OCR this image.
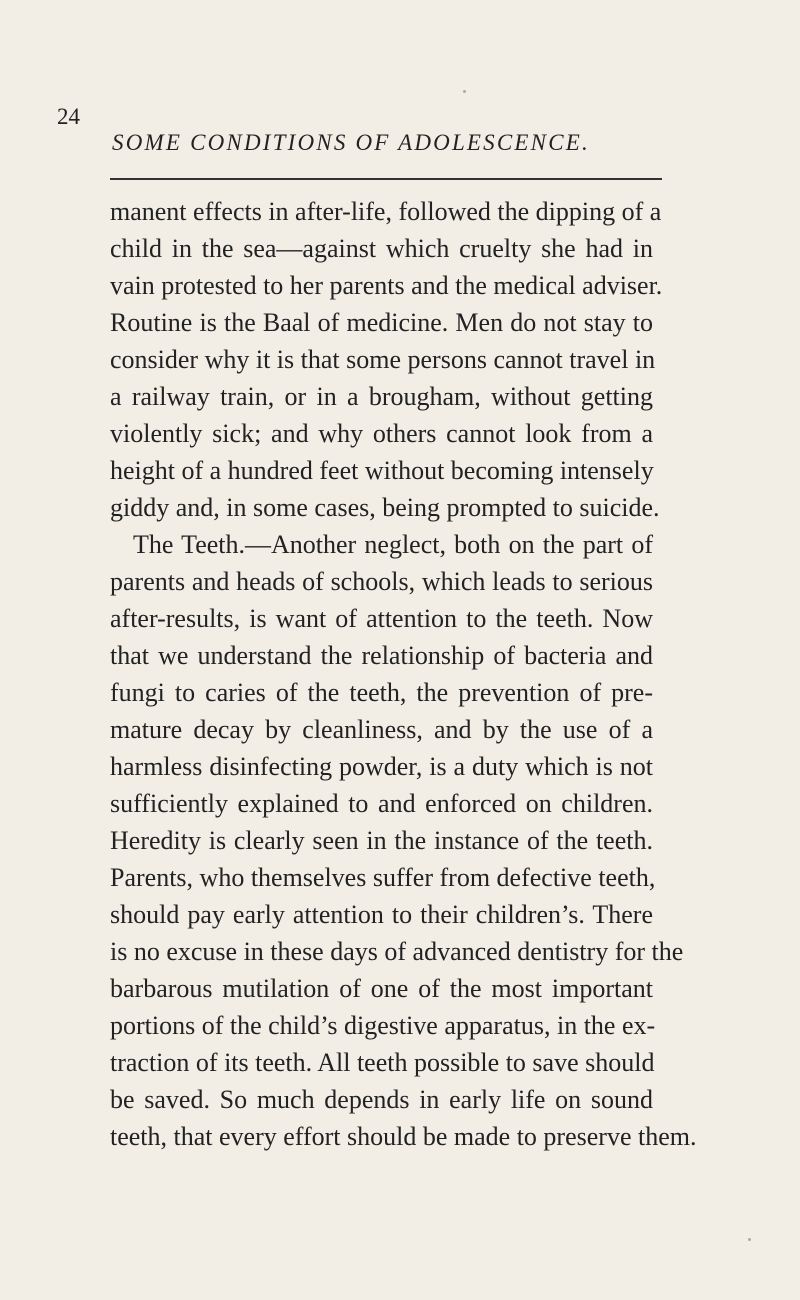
24
SOME CONDITIONS OF ADOLESCENCE.
manent effects in after-life, followed the dipping of a
child in the sea—against which cruelty she had in
vain protested to her parents and the medical adviser.
Routine is the Baal of medicine. Men do not stay to
consider why it is that some persons cannot travel in
a railway train, or in a brougham, without getting
violently sick; and why others cannot look from a
height of a hundred feet without becoming intensely
giddy and, in some cases, being prompted to suicide.
The Teeth.—Another neglect, both on the part of
parents and heads of schools, which leads to serious
after-results, is want of attention to the teeth. Now
that we understand the relationship of bacteria and
fungi to caries of the teeth, the prevention of pre-
mature decay by cleanliness, and by the use of a
harmless disinfecting powder, is a duty which is not
sufficiently explained to and enforced on children.
Heredity is clearly seen in the instance of the teeth.
Parents, who themselves suffer from defective teeth,
should pay early attention to their children’s. There
is no excuse in these days of advanced dentistry for the
barbarous mutilation of one of the most important
portions of the child’s digestive apparatus, in the ex-
traction of its teeth. All teeth possible to save should
be saved. So much depends in early life on sound
teeth, that every effort should be made to preserve them.
